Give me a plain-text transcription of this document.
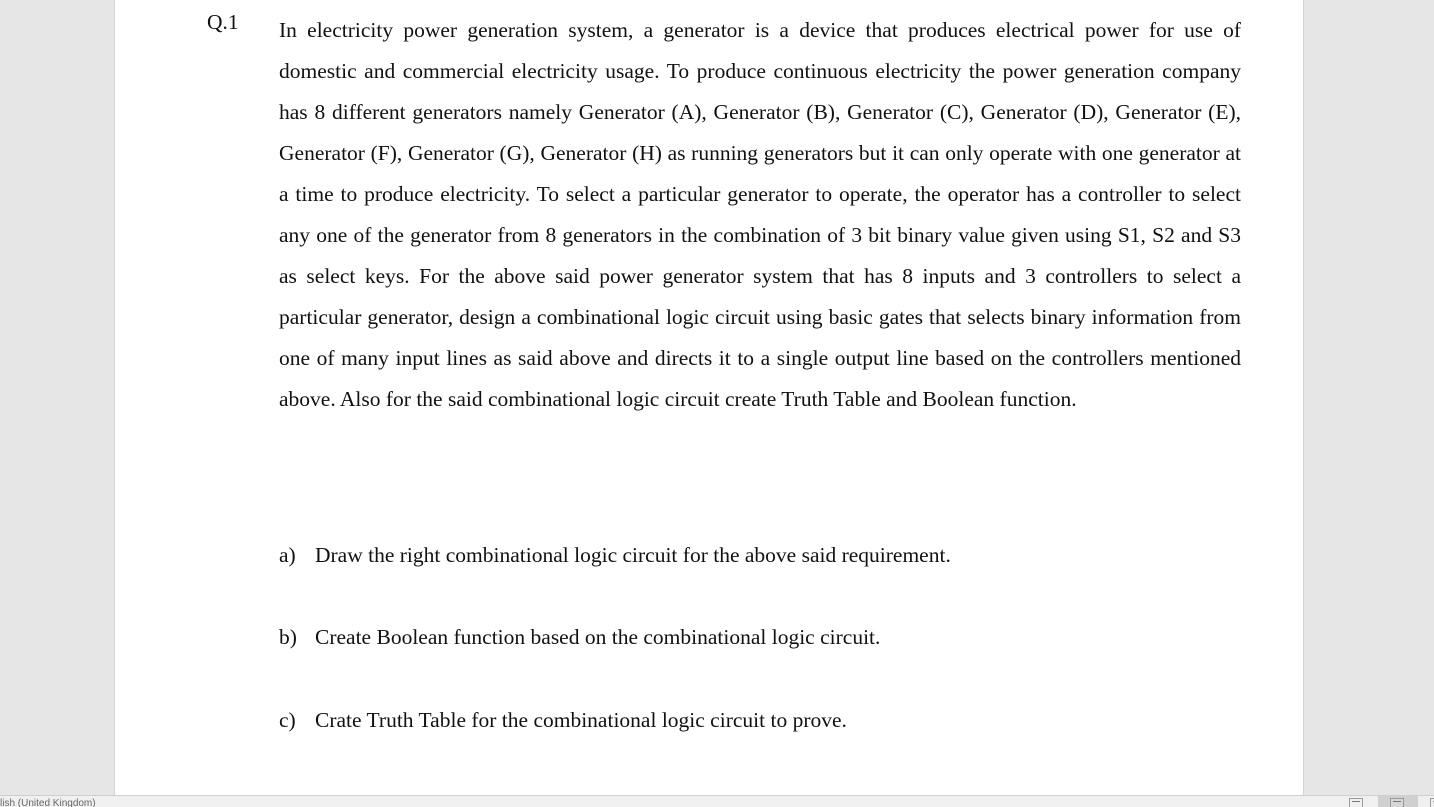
Q.1 In electricity power generation system, a generator is a device that produces electrical power for use of domestic and commercial electricity usage. To produce continuous electricity the power generation company has 8 different generators namely Generator (A), Generator (B), Generator (C), Generator (D), Generator (E), Generator (F), Generator (G), Generator (H) as running generators but it can only operate with one generator at a time to produce electricity. To select a particular generator to operate, the operator has a controller to select any one of the generator from 8 generators in the combination of 3 bit binary value given using S1, S2 and S3 as select keys. For the above said power generator system that has 8 inputs and 3 controllers to select a particular generator, design a combinational logic circuit using basic gates that selects binary information from one of many input lines as said above and directs it to a single output line based on the controllers mentioned above. Also for the said combinational logic circuit create Truth Table and Boolean function.

a) Draw the right combinational logic circuit for the above said requirement.
b) Create Boolean function based on the combinational logic circuit.
c) Crate Truth Table for the combinational logic circuit to prove.
lish (United Kingdom)
